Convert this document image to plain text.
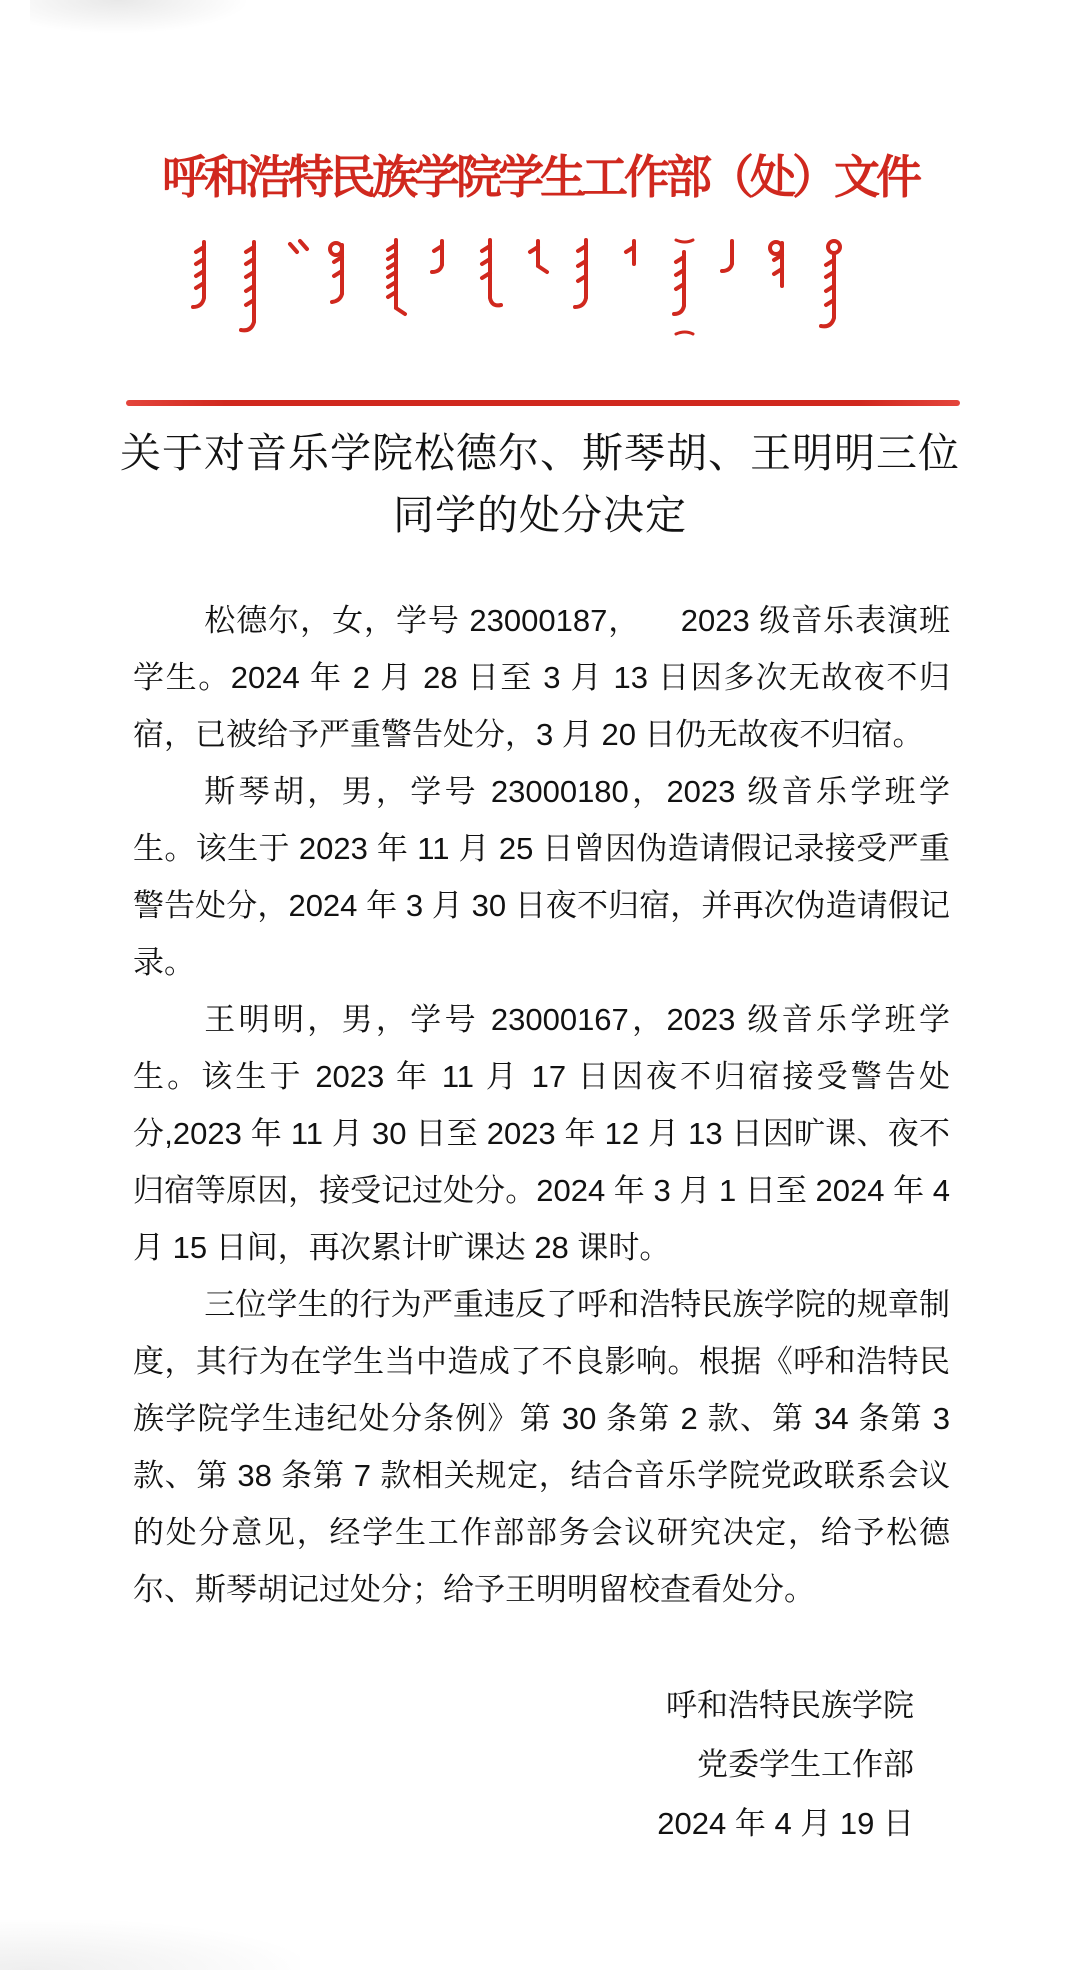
呼和浩特民族学院学生工作部（处）文件
关于对音乐学院松德尔、斯琴胡、王明明三位同学的处分决定

松德尔，女，学号 23000187，  2023 级音乐表演班学生。2024 年 2 月 28 日至 3 月 13 日因多次无故夜不归宿，已被给予严重警告处分，3 月 20 日仍无故夜不归宿。

斯琴胡，男，学号 23000180，2023 级音乐学班学生。该生于 2023 年 11 月 25 日曾因伪造请假记录接受严重警告处分，2024 年 3 月 30 日夜不归宿，并再次伪造请假记录。

王明明，男，学号 23000167，2023 级音乐学班学生。该生于 2023 年 11 月 17 日因夜不归宿接受警告处分,2023 年 11 月 30 日至 2023 年 12 月 13 日因旷课、夜不归宿等原因，接受记过处分。2024 年 3 月 1 日至 2024 年 4 月 15 日间，再次累计旷课达 28 课时。

三位学生的行为严重违反了呼和浩特民族学院的规章制度，其行为在学生当中造成了不良影响。根据《呼和浩特民族学院学生违纪处分条例》第 30 条第 2 款、第 34 条第 3 款、第 38 条第 7 款相关规定，结合音乐学院党政联系会议的处分意见，经学生工作部部务会议研究决定，给予松德尔、斯琴胡记过处分；给予王明明留校查看处分。

呼和浩特民族学院

党委学生工作部

2024 年 4 月 19 日
